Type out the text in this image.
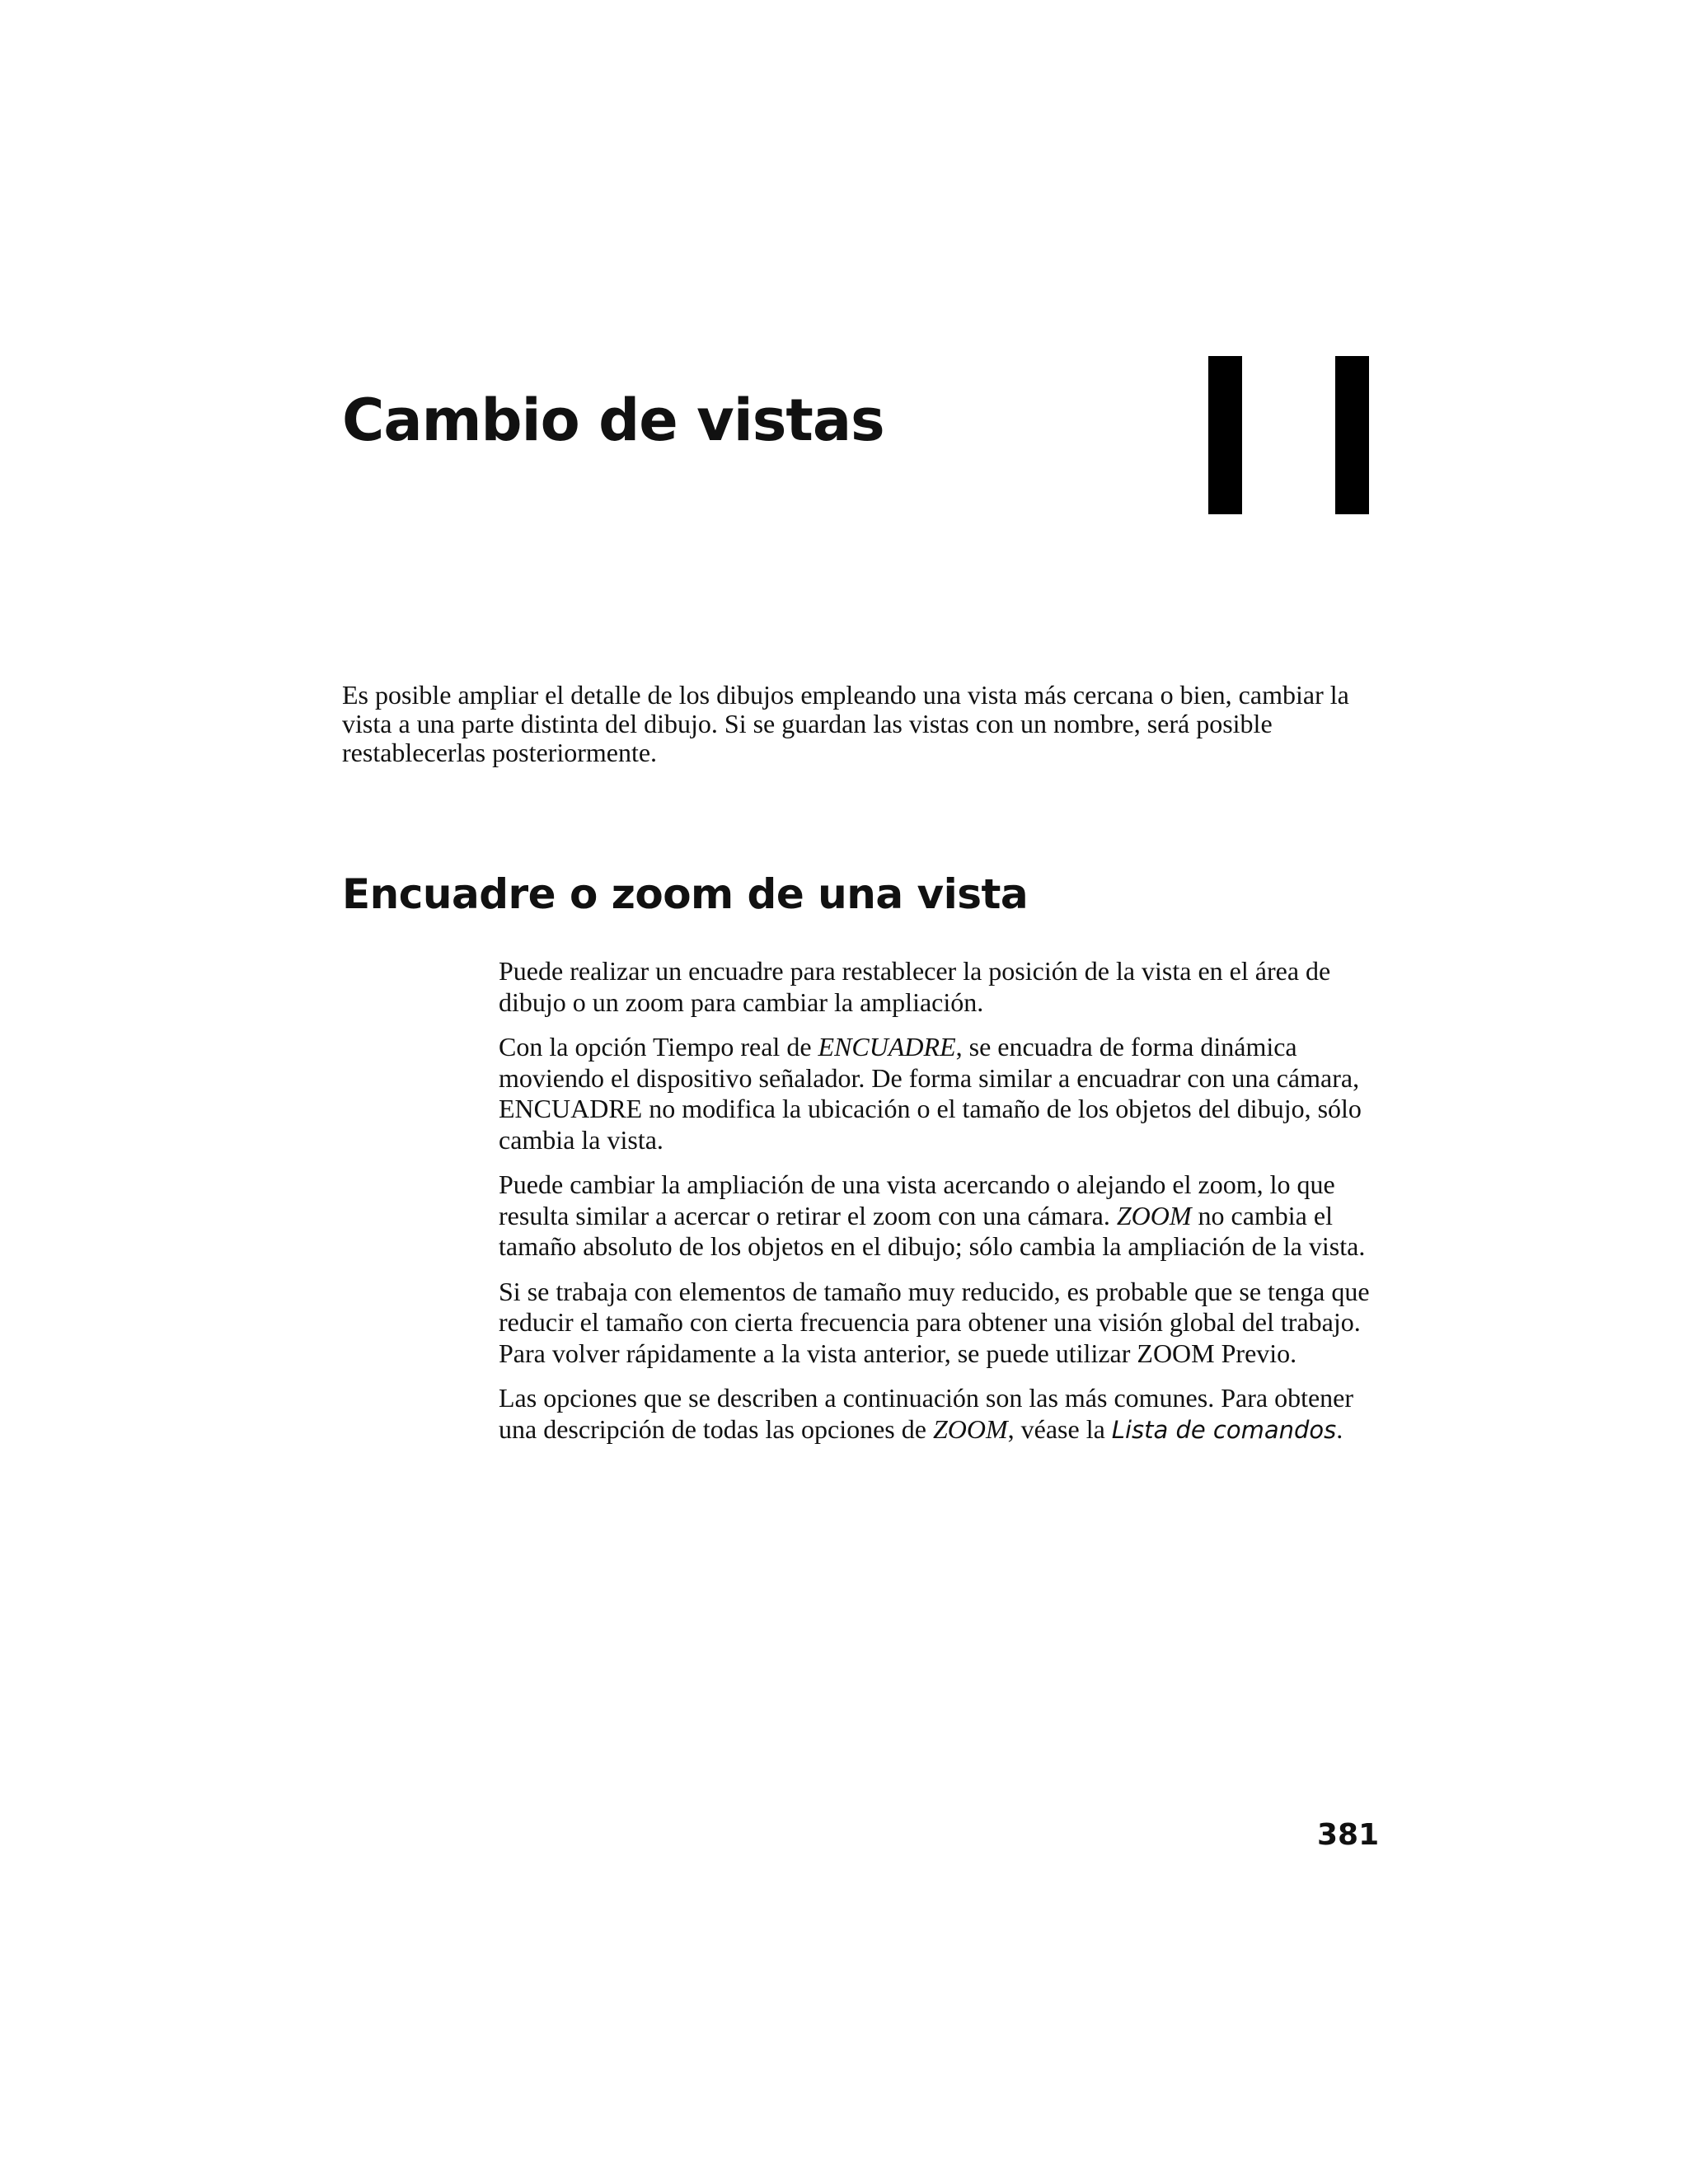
Cambio de vistas

Es posible ampliar el detalle de los dibujos empleando una vista más cercana o bien, cambiar la vista a una parte distinta del dibujo. Si se guardan las vistas con un nombre, será posible restablecerlas posteriormente.

Encuadre o zoom de una vista

Puede realizar un encuadre para restablecer la posición de la vista en el área de dibujo o un zoom para cambiar la ampliación.

Con la opción Tiempo real de ENCUADRE, se encuadra de forma dinámica moviendo el dispositivo señalador. De forma similar a encuadrar con una cámara, ENCUADRE no modifica la ubicación o el tamaño de los objetos del dibujo, sólo cambia la vista.

Puede cambiar la ampliación de una vista acercando o alejando el zoom, lo que resulta similar a acercar o retirar el zoom con una cámara. ZOOM no cambia el tamaño absoluto de los objetos en el dibujo; sólo cambia la ampliación de la vista.

Si se trabaja con elementos de tamaño muy reducido, es probable que se tenga que reducir el tamaño con cierta frecuencia para obtener una visión global del trabajo. Para volver rápidamente a la vista anterior, se puede utilizar ZOOM Previo.

Las opciones que se describen a continuación son las más comunes. Para obtener una descripción de todas las opciones de ZOOM, véase la Lista de comandos.

381
